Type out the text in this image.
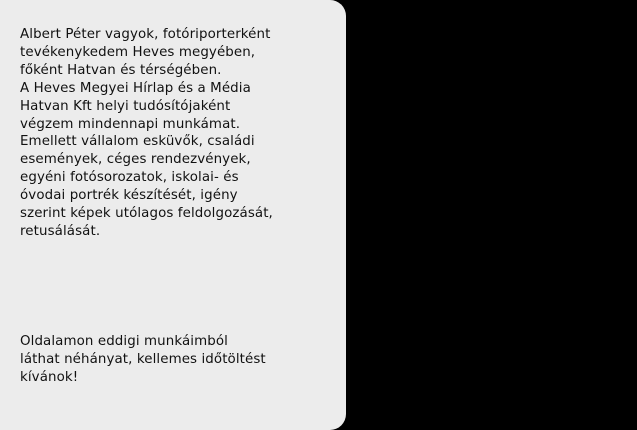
Albert Péter vagyok, fotóriporterként
tevékenykedem Heves megyében,
főként Hatvan és térségében.
A Heves Megyei Hírlap és a Média
Hatvan Kft helyi tudósítójaként
végzem mindennapi munkámat.
Emellett vállalom esküvők, családi
események, céges rendezvények,
egyéni fotósorozatok, iskolai- és
óvodai portrék készítését, igény
szerint képek utólagos feldolgozását,
retusálását.

Oldalamon eddigi munkáimból
láthat néhányat, kellemes időtöltést
kívánok!
